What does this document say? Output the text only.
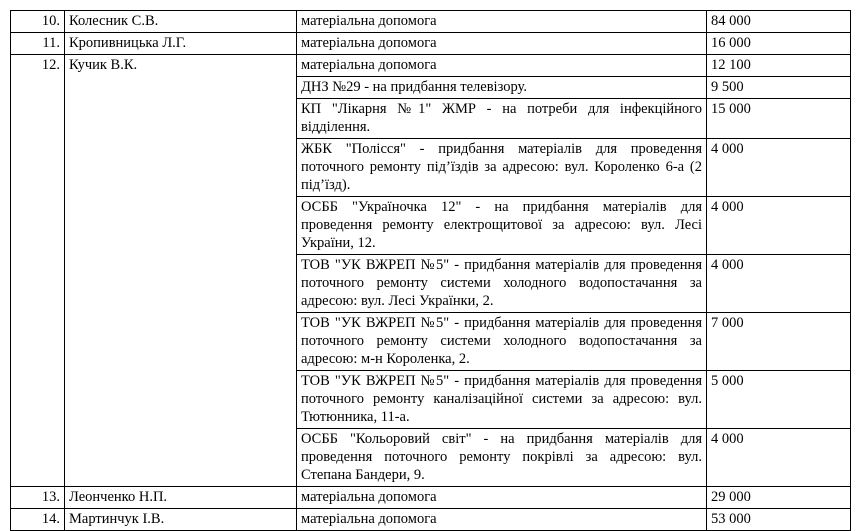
10.	Колесник С.В.	матеріальна допомога	84 000
11.	Кропивницька Л.Г.	матеріальна допомога	16 000
12.	Кучик В.К.	матеріальна допомога	12 100
		ДНЗ №29 - на придбання телевізору.	9 500
		КП "Лікарня №1" ЖМР - на потреби для інфекційного відділення.	15 000
		ЖБК "Полісся" - придбання матеріалів для проведення поточного ремонту під’їздів за адресою: вул. Короленко 6-а (2 під’їзд).	4 000
		ОСББ "Україночка 12" - на придбання матеріалів для проведення ремонту електрощитової за адресою: вул. Лесі України, 12.	4 000
		ТОВ "УК ВЖРЕП №5" - придбання матеріалів для проведення поточного ремонту системи холодного водопостачання за адресою: вул. Лесі Українки, 2.	4 000
		ТОВ "УК ВЖРЕП №5" - придбання матеріалів для проведення поточного ремонту системи холодного водопостачання за адресою: м-н Короленка, 2.	7 000
		ТОВ "УК ВЖРЕП №5" - придбання матеріалів для проведення поточного ремонту каналізаційної системи за адресою: вул. Тютюнника, 11-а.	5 000
		ОСББ "Кольоровий світ" - на придбання матеріалів для проведення поточного ремонту покрівлі за адресою: вул. Степана Бандери, 9.	4 000
13.	Леонченко Н.П.	матеріальна допомога	29 000
14.	Мартинчук І.В.	матеріальна допомога	53 000
